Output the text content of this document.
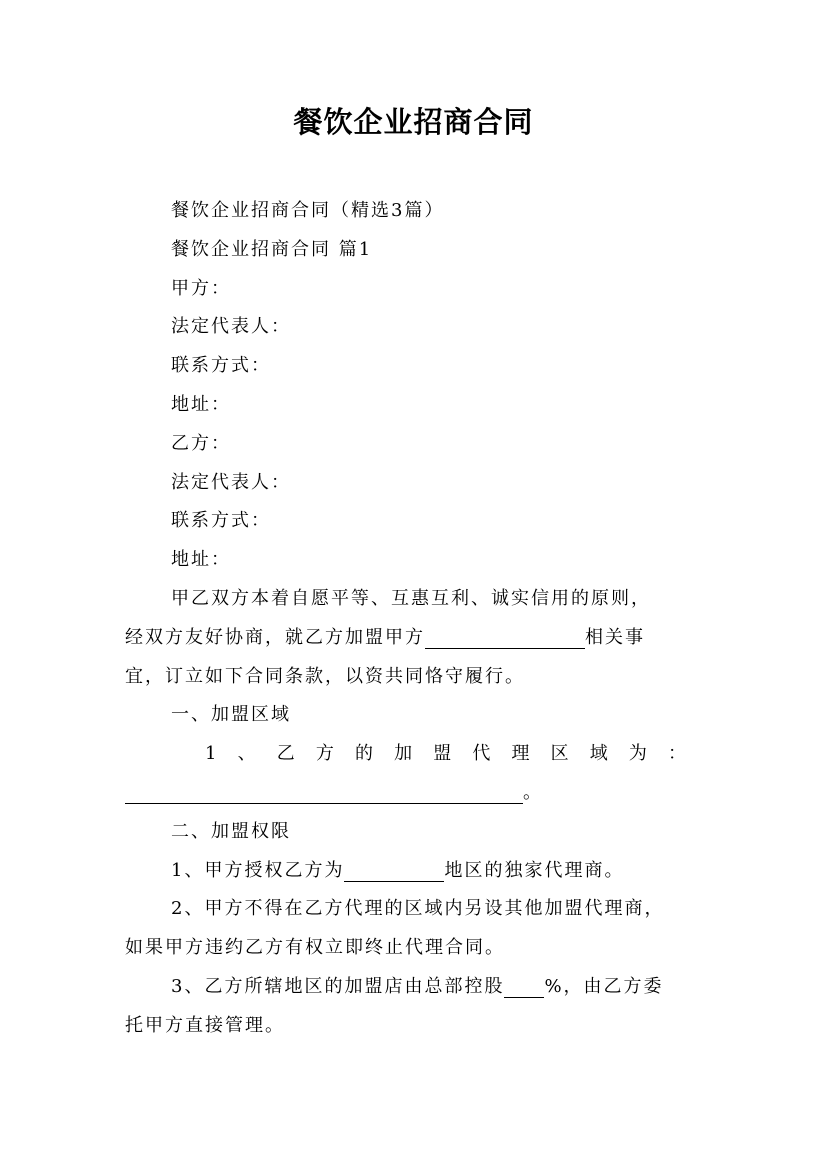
餐饮企业招商合同
餐饮企业招商合同（精选3篇）
餐饮企业招商合同 篇1
甲方：
法定代表人：
联系方式：
地址：
乙方：
法定代表人：
联系方式：
地址：
甲乙双方本着自愿平等、互惠互利、诚实信用的原则，
经双方友好协商，就乙方加盟甲方	相关事
宜，订立如下合同条款，以资共同恪守履行。
一、加盟区域
1 、 乙 方 的 加 盟 代 理 区 域 为 ：
。
二、加盟权限
1、甲方授权乙方为	地区的独家代理商。
2、甲方不得在乙方代理的区域内另设其他加盟代理商，
如果甲方违约乙方有权立即终止代理合同。
3、乙方所辖地区的加盟店由总部控股 %，由乙方委
托甲方直接管理。
